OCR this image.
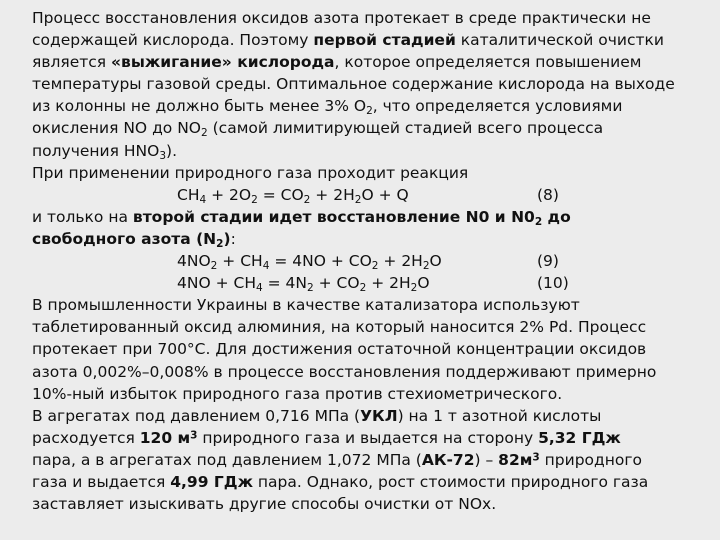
Процесс восстановления оксидов азота протекает в среде практически не
содержащей кислорода. Поэтому первой стадией каталитической очистки
является «выжигание» кислорода, которое определяется повышением
температуры газовой среды. Оптимальное содержание кислорода на выходе
из колонны не должно быть менее 3% $О_2$, что определяется условиями
окисления NO до $NO_2$ (самой лимитирующей стадией всего процесса
получения $HNO_3$).
При применении природного газа проходит реакция
$CH_4 + 2O_2 = CO_2 + 2H_2O + Q$	(8)
и только на второй стадии идет восстановление N0 и $N0_2$ до
свободного азота $(N_2)$:
$4NO_2 + CH_4 = 4NO + CO_2 + 2H_2O$	(9)
$4NO + CH_4 = 4N_2 + CO_2 + 2H_2O$	(10)
В промышленности Украины в качестве катализатора используют
таблетированный оксид алюминия, на который наносится 2% Pd. Процесс
протекает при 700°С. Для достижения остаточной концентрации оксидов
азота 0,002%–0,008% в процессе восстановления поддерживают примерно
10%-ный избыток природного газа против стехиометрического.
В агрегатах под давлением 0,716 МПа (УКЛ) на 1 т азотной кислоты
расходуется 120 $м^3$ природного газа и выдается на сторону 5,32 ГДж
пара, а в агрегатах под давлением 1,072 МПа $(АК-72) - 82м^3$ природного
газа и выдается 4,99 ГДж пара. Однако, рост стоимости природного газа
заставляет изыскивать другие способы очистки от NOx.
